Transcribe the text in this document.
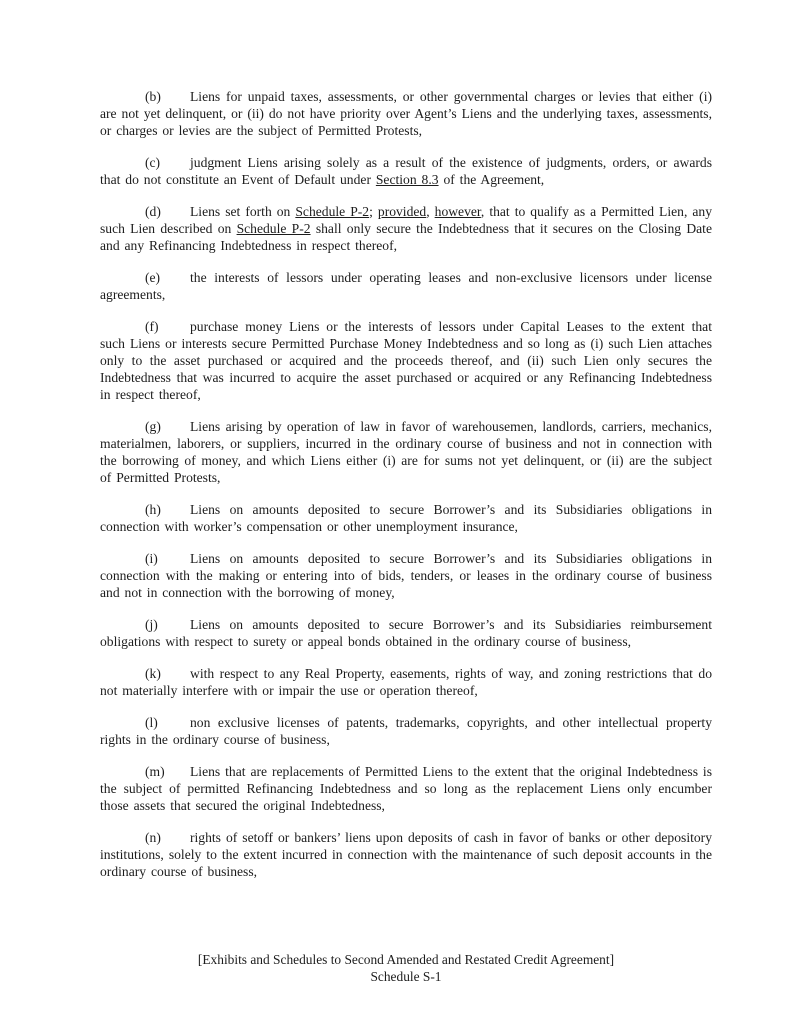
(b) Liens for unpaid taxes, assessments, or other governmental charges or levies that either (i) are not yet delinquent, or (ii) do not have priority over Agent’s Liens and the underlying taxes, assessments, or charges or levies are the subject of Permitted Protests,
(c) judgment Liens arising solely as a result of the existence of judgments, orders, or awards that do not constitute an Event of Default under Section 8.3 of the Agreement,
(d) Liens set forth on Schedule P-2; provided, however, that to qualify as a Permitted Lien, any such Lien described on Schedule P-2 shall only secure the Indebtedness that it secures on the Closing Date and any Refinancing Indebtedness in respect thereof,
(e) the interests of lessors under operating leases and non-exclusive licensors under license agreements,
(f) purchase money Liens or the interests of lessors under Capital Leases to the extent that such Liens or interests secure Permitted Purchase Money Indebtedness and so long as (i) such Lien attaches only to the asset purchased or acquired and the proceeds thereof, and (ii) such Lien only secures the Indebtedness that was incurred to acquire the asset purchased or acquired or any Refinancing Indebtedness in respect thereof,
(g) Liens arising by operation of law in favor of warehousemen, landlords, carriers, mechanics, materialmen, laborers, or suppliers, incurred in the ordinary course of business and not in connection with the borrowing of money, and which Liens either (i) are for sums not yet delinquent, or (ii) are the subject of Permitted Protests,
(h) Liens on amounts deposited to secure Borrower’s and its Subsidiaries obligations in connection with worker’s compensation or other unemployment insurance,
(i) Liens on amounts deposited to secure Borrower’s and its Subsidiaries obligations in connection with the making or entering into of bids, tenders, or leases in the ordinary course of business and not in connection with the borrowing of money,
(j) Liens on amounts deposited to secure Borrower’s and its Subsidiaries reimbursement obligations with respect to surety or appeal bonds obtained in the ordinary course of business,
(k) with respect to any Real Property, easements, rights of way, and zoning restrictions that do not materially interfere with or impair the use or operation thereof,
(l) non exclusive licenses of patents, trademarks, copyrights, and other intellectual property rights in the ordinary course of business,
(m) Liens that are replacements of Permitted Liens to the extent that the original Indebtedness is the subject of permitted Refinancing Indebtedness and so long as the replacement Liens only encumber those assets that secured the original Indebtedness,
(n) rights of setoff or bankers’ liens upon deposits of cash in favor of banks or other depository institutions, solely to the extent incurred in connection with the maintenance of such deposit accounts in the ordinary course of business,
[Exhibits and Schedules to Second Amended and Restated Credit Agreement]
Schedule S-1
